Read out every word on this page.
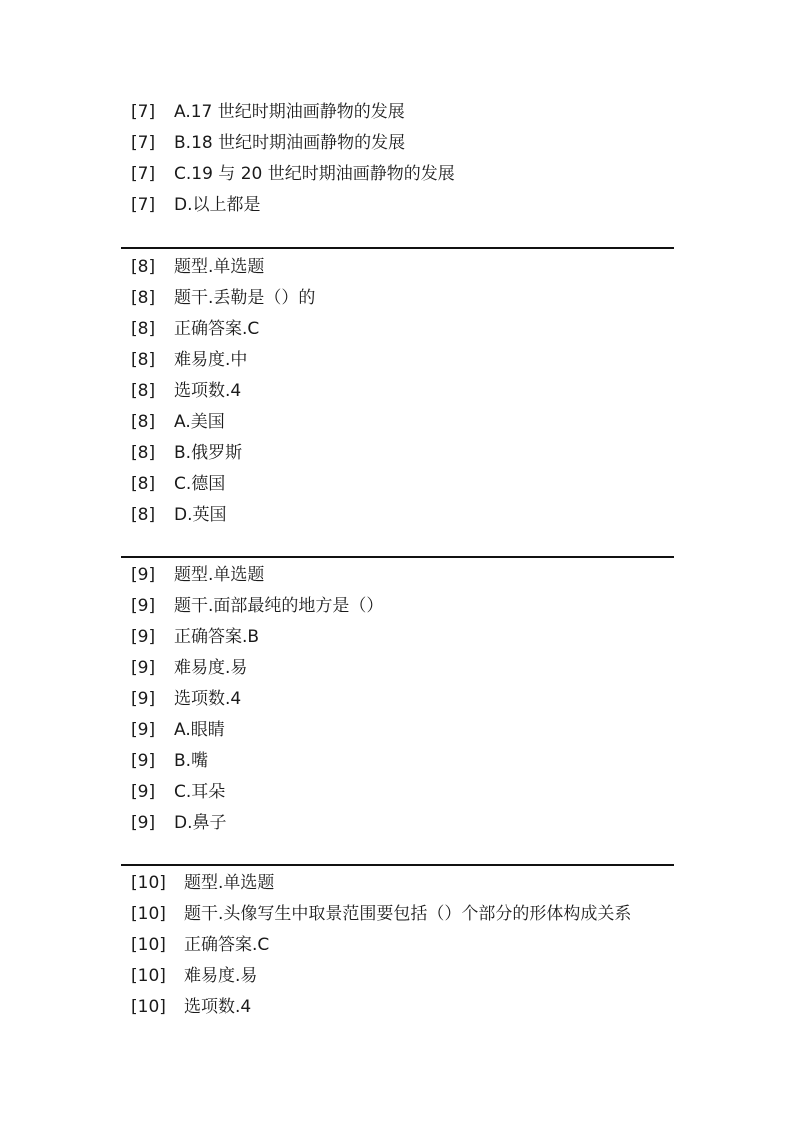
[7]	A.17 世纪时期油画静物的发展
[7]	B.18 世纪时期油画静物的发展
[7]	C.19 与 20 世纪时期油画静物的发展
[7]	D.以上都是
[8]	题型.单选题
[8]	题干.丢勒是（）的
[8]	正确答案.C
[8]	难易度.中
[8]	选项数.4
[8]	A.美国
[8]	B.俄罗斯
[8]	C.德国
[8]	D.英国
[9]	题型.单选题
[9]	题干.面部最纯的地方是（）
[9]	正确答案.B
[9]	难易度.易
[9]	选项数.4
[9]	A.眼睛
[9]	B.嘴
[9]	C.耳朵
[9]	D.鼻子
[10]	题型.单选题
[10]	题干.头像写生中取景范围要包括（）个部分的形体构成关系
[10]	正确答案.C
[10]	难易度.易
[10]	选项数.4
